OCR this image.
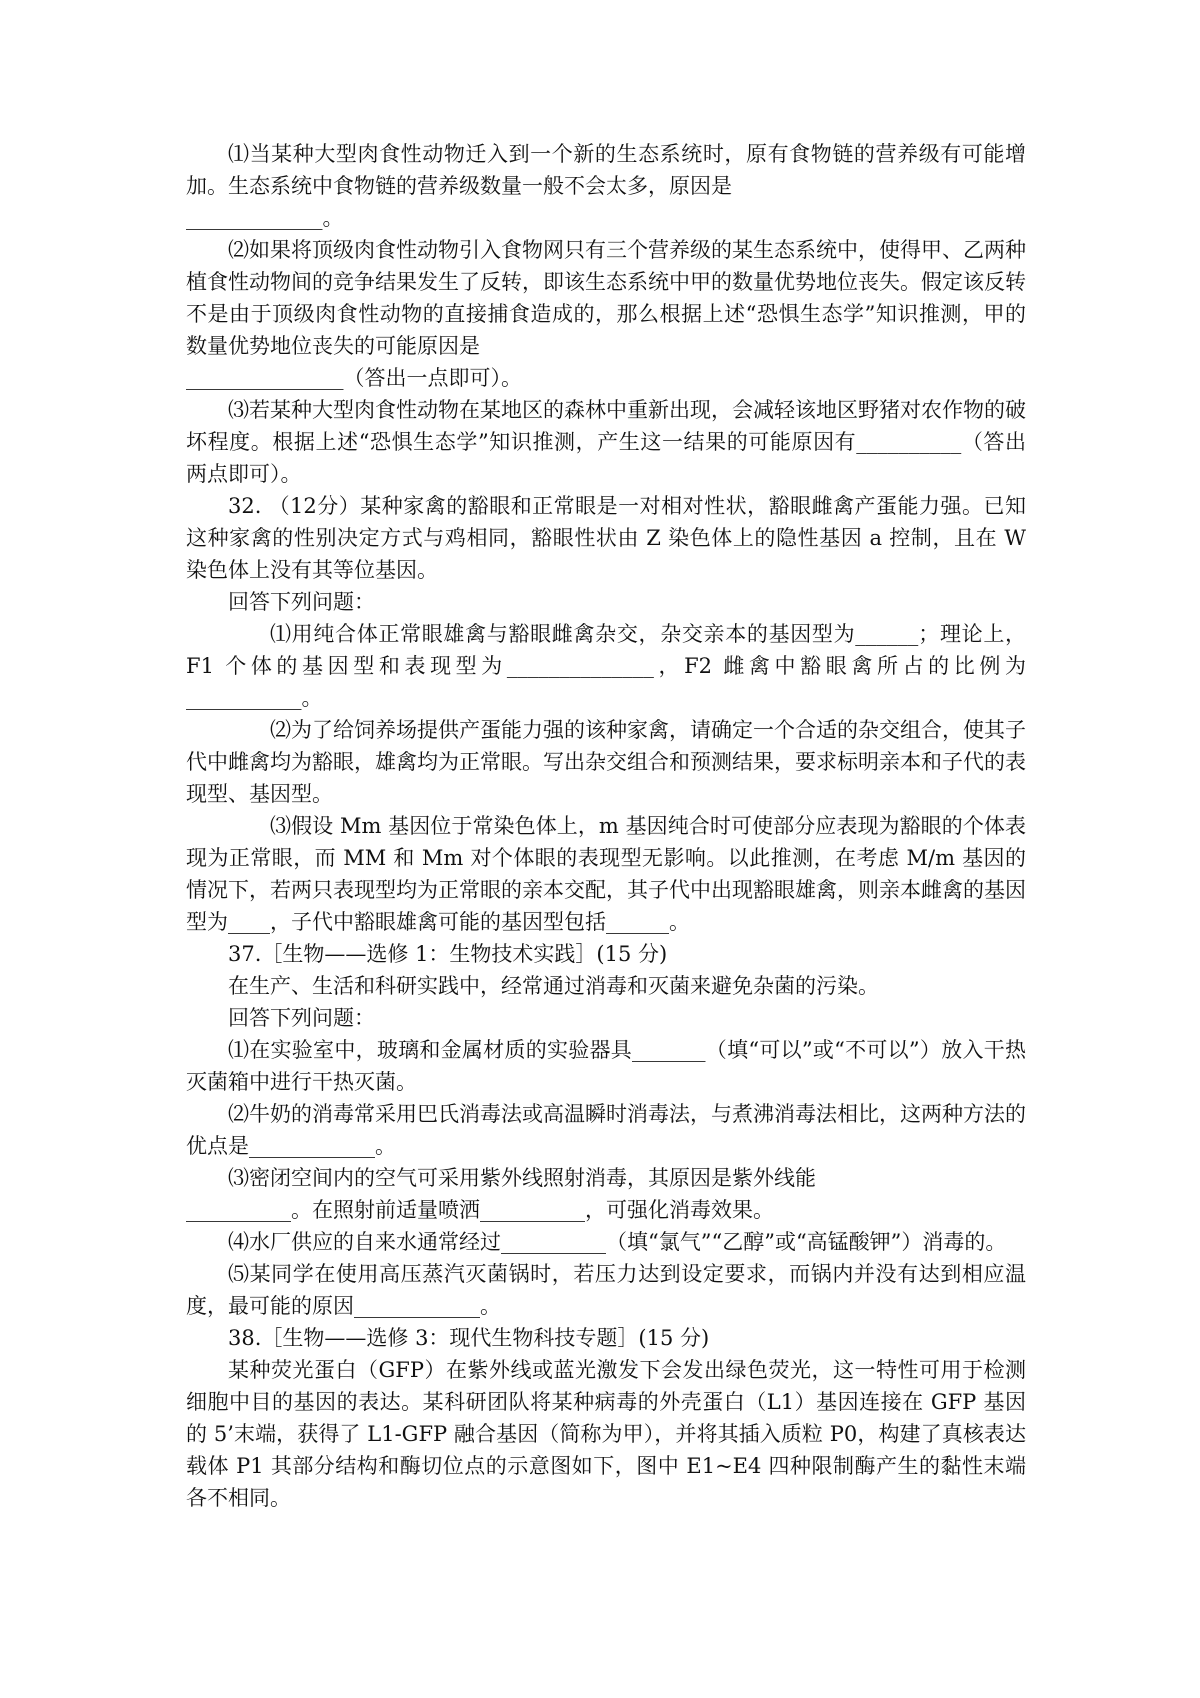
⑴当某种大型肉食性动物迁入到一个新的生态系统时，原有食物链的营养级有可能增加。生态系统中食物链的营养级数量一般不会太多，原因是

_____________。

⑵如果将顶级肉食性动物引入食物网只有三个营养级的某生态系统中，使得甲、乙两种植食性动物间的竞争结果发生了反转，即该生态系统中甲的数量优势地位丧失。假定该反转不是由于顶级肉食性动物的直接捕食造成的，那么根据上述“恐惧生态学”知识推测，甲的数量优势地位丧失的可能原因是

_______________（答出一点即可）。

⑶若某种大型肉食性动物在某地区的森林中重新出现，会减轻该地区野猪对农作物的破坏程度。根据上述“恐惧生态学”知识推测，产生这一结果的可能原因有__________（答出两点即可）。

32. （12分）某种家禽的豁眼和正常眼是一对相对性状，豁眼雌禽产蛋能力强。已知这种家禽的性别决定方式与鸡相同，豁眼性状由 Z 染色体上的隐性基因 a 控制，且在 W 染色体上没有其等位基因。

回答下列问题：

⑴用纯合体正常眼雄禽与豁眼雌禽杂交，杂交亲本的基因型为______；理论上，F1 个体的基因型和表现型为______________，F2 雌禽中豁眼禽所占的比例为___________。

⑵为了给饲养场提供产蛋能力强的该种家禽，请确定一个合适的杂交组合，使其子代中雌禽均为豁眼，雄禽均为正常眼。写出杂交组合和预测结果，要求标明亲本和子代的表现型、基因型。

⑶假设 Mm 基因位于常染色体上，m 基因纯合时可使部分应表现为豁眼的个体表现为正常眼，而 MM 和 Mm 对个体眼的表现型无影响。以此推测，在考虑 M/m 基因的情况下，若两只表现型均为正常眼的亲本交配，其子代中出现豁眼雄禽，则亲本雌禽的基因型为____，子代中豁眼雄禽可能的基因型包括______。

37.［生物——选修 1：生物技术实践］(15 分)

在生产、生活和科研实践中，经常通过消毒和灭菌来避免杂菌的污染。

回答下列问题：

⑴在实验室中，玻璃和金属材质的实验器具_______（填“可以”或“不可以”）放入干热灭菌箱中进行干热灭菌。

⑵牛奶的消毒常采用巴氏消毒法或高温瞬时消毒法，与煮沸消毒法相比，这两种方法的优点是____________。

⑶密闭空间内的空气可采用紫外线照射消毒，其原因是紫外线能

__________。在照射前适量喷洒__________，可强化消毒效果。

⑷水厂供应的自来水通常经过__________（填“氯气”“乙醇”或“高锰酸钾”）消毒的。

⑸某同学在使用高压蒸汽灭菌锅时，若压力达到设定要求，而锅内并没有达到相应温度，最可能的原因____________。

38.［生物——选修 3：现代生物科技专题］(15 分)

某种荧光蛋白（GFP）在紫外线或蓝光激发下会发出绿色荧光，这一特性可用于检测细胞中目的基因的表达。某科研团队将某种病毒的外壳蛋白（L1）基因连接在 GFP 基因的 5’末端，获得了 L1-GFP 融合基因（简称为甲），并将其插入质粒 P0，构建了真核表达载体 P1 其部分结构和酶切位点的示意图如下，图中 E1~E4 四种限制酶产生的黏性末端各不相同。
